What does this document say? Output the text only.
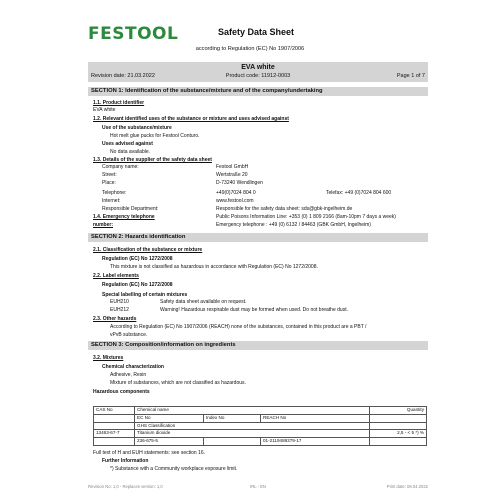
FESTOOL	Safety Data Sheet
according to Regulation (EC) No 1907/2006
EVA white
Revision date: 21.03.2022	Product code: 11912-0003	Page 1 of 7
SECTION 1: Identification of the substance/mixture and of the company/undertaking
1.1. Product identifier
EVA white
1.2. Relevant identified uses of the substance or mixture and uses advised against
Use of the substance/mixture
Hot melt glue pucks for Festool Conturo.
Uses advised against
No data available.
1.3. Details of the supplier of the safety data sheet
Company name:	Festool GmbH
Street:	Wertstraße 20
Place:	D-73240 Wendlingen
Telephone:	+49(0)7024 804 0	Telefax: +49 (0)7024 804 600
Internet:	www.festool.com
Responsible Department:	Responsible for the safety data sheet: sds@gbk-ingelheim.de
1.4. Emergency telephone
number:
Public Poisons Information Line: +353 (0) 1 809 2166 (8am-10pm 7 days a week)
Emergency telephone : +49 (0) 6132 / 84463 (GBK GmbH, Ingelheim)
SECTION 2: Hazards identification
2.1. Classification of the substance or mixture
Regulation (EC) No 1272/2008
This mixture is not classified as hazardous in accordance with Regulation (EC) No 1272/2008.
2.2. Label elements
Regulation (EC) No 1272/2008
Special labelling of certain mixtures
EUH210	Safety data sheet available on request.
EUH212	Warning! Hazardous respirable dust may be formed when used. Do not breathe dust.
2.3. Other hazards
According to Regulation (EC) No 1907/2006 (REACH) none of the substances, contained in this product are a PBT /
vPvB substance.
SECTION 3: Composition/information on ingredients
3.2. Mixtures
Chemical characterization
Adhesive, Resin
Mixture of substances, which are not classified as hazardous.
Hazardous components
CAS No	Chemical name			Quantity
	EC No	Index No	REACH No	
	GHS Classification			
13463-67-7	Titanium dioxide			2,5 - < 5 *) %
	236-675-5		01-2119489379-17	
Full text of H and EUH statements: see section 16.
Further Information
*) Substance with a Community workplace exposure limit.
Revision No: 1,0 - Replaces version: 1,0	IRL - EN	Print date: 08.04.2022
